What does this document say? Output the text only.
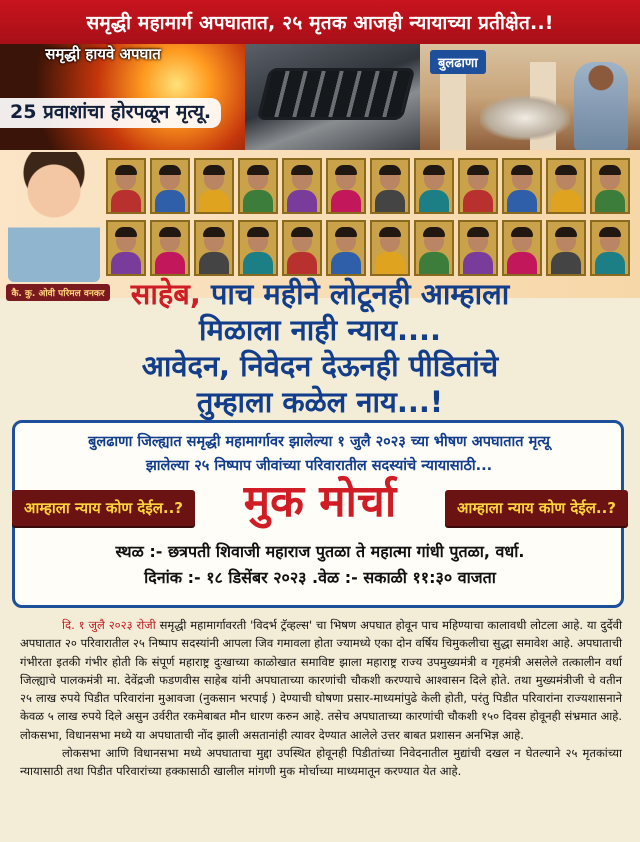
समृद्धी महामार्ग अपघातात, २५ मृतक आजही न्यायाच्या प्रतीक्षेत..!
समृद्धी हायवे अपघात
बुलढाणा
25 प्रवाशांचा होरपळून मृत्यू.
कै. कु. ओवी परिमल वनकर साहेब, पाच महीने लोटूनही आम्हाला
मिळाला नाही न्याय....
आवेदन, निवेदन देऊनही पीडितांचे
तुम्हाला कळेल नाय...!
बुलढाणा जिल्ह्यात समृद्धी महामार्गावर झालेल्या १ जुलै २०२३ च्या भीषण अपघातात मृत्यू
झालेल्या २५ निष्पाप जीवांच्या परिवारातील सदस्यांचे न्यायासाठी...
आम्हाला न्याय कोण देईल..?	आम्हाला न्याय कोण देईल..?
मुक मोर्चा
स्थळ :- छत्रपती शिवाजी महाराज पुतळा ते महात्मा गांधी पुतळा, वर्धा.
दिनांक :- १८ डिसेंबर २०२३ .वेळ :- सकाळी ११:३० वाजता

दि. १ जुलै २०२३ रोजी समृद्धी महामार्गावरती 'विदर्भ ट्रॅव्हल्स' चा भिषण अपघात होवून पाच महिण्याचा कालावधी लोटला आहे. या दुर्देवी अपघातात २० परिवारातील २५ निष्पाप सदस्यांनी आपला जिव गमावला होता ज्यामध्ये एका दोन वर्षिय चिमुकलीचा सुद्धा समावेश आहे. अपघाताची गंभीरता इतकी गंभीर होती कि संपूर्ण महाराष्ट्र दुःखाच्या काळोखात समाविष्ट झाला महाराष्ट्र राज्य उपमुख्यमंत्री व गृहमंत्री असलेले तत्कालीन वर्धा जिल्ह्याचे पालकमंत्री मा. देवेंद्रजी फडणवीस साहेब यांनी अपघाताच्या कारणांची चौकशी करण्याचे आश्वासन दिले होते. तथा मुख्यमंत्रीजी चे वतीन २५ लाख रुपये पिडीत परिवारांना मुआवजा (नुकसान भरपाई ) देण्याची घोषणा प्रसार-माध्यमांपुढे केली होती, परंतु पिडीत परिवारांना राज्यशासनाने केवळ ५ लाख रुपये दिले असुन उर्वरीत रकमेबाबत मौन धारण करुन आहे. तसेच अपघाताच्या कारणांची चौकशी १५० दिवस होवूनही संभ्रमात आहे. लोकसभा, विधानसभा मध्ये या अपघाताची नोंद झाली असतानांही त्यावर देण्यात आलेले उत्तर बाबत प्रशासन अनभिज्ञ आहे.

लोकसभा आणि विधानसभा मध्ये अपघाताचा मुद्दा उपस्थित होवूनही पिडीतांच्या निवेदनातील मुद्यांची दखल न घेतल्याने २५ मृतकांच्या न्यायासाठी तथा पिडीत परिवारांच्या हक्कासाठी खालील मांगणी मुक मोर्चाच्या माध्यमातून करण्यात येत आहे.
